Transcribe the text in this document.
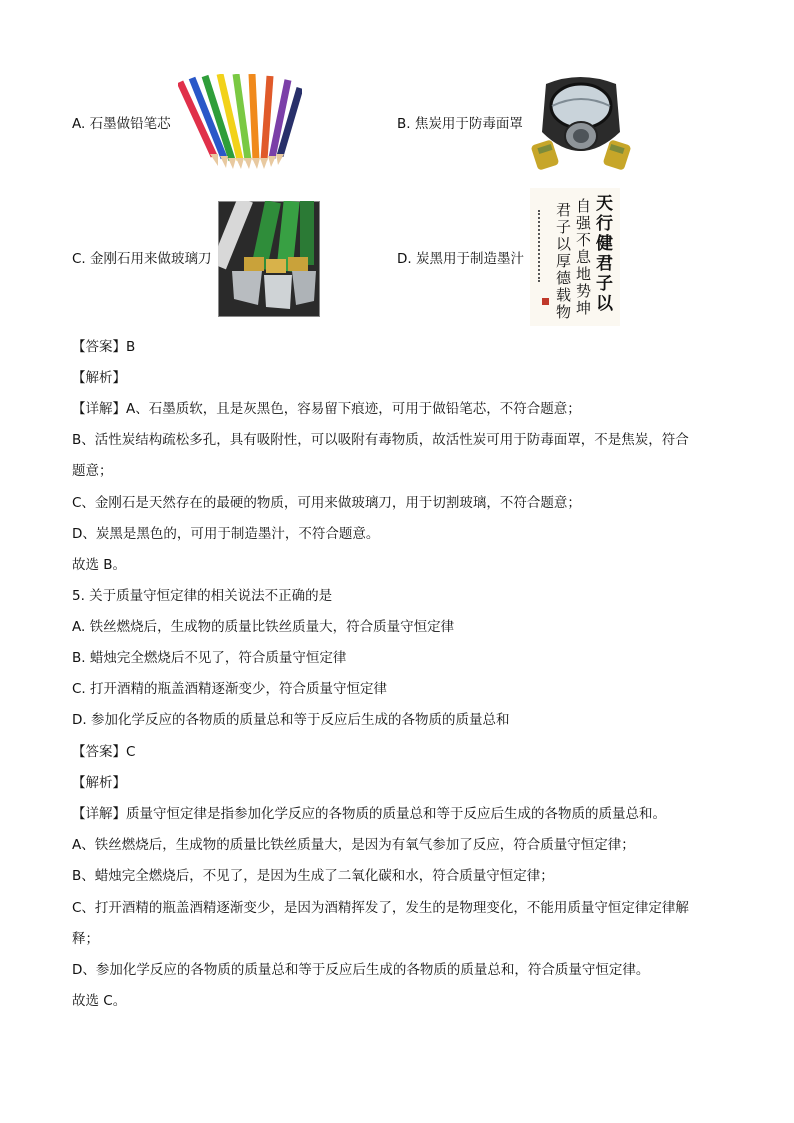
A. 石墨做铅笔芯	B. 焦炭用于防毒面罩
C. 金刚石用来做玻璃刀	D. 炭黑用于制造墨汁
天行健君子以
自强不息地势坤
君子以厚德载物
【答案】B
【解析】
【详解】A、石墨质软，且是灰黑色，容易留下痕迹，可用于做铅笔芯，不符合题意；
B、活性炭结构疏松多孔，具有吸附性，可以吸附有毒物质，故活性炭可用于防毒面罩，不是焦炭，符合
题意；
C、金刚石是天然存在的最硬的物质，可用来做玻璃刀，用于切割玻璃，不符合题意；
D、炭黑是黑色的，可用于制造墨汁，不符合题意。
故选 B。
5. 关于质量守恒定律的相关说法不正确的是
A. 铁丝燃烧后，生成物的质量比铁丝质量大，符合质量守恒定律
B. 蜡烛完全燃烧后不见了，符合质量守恒定律
C. 打开酒精的瓶盖酒精逐渐变少，符合质量守恒定律
D. 参加化学反应的各物质的质量总和等于反应后生成的各物质的质量总和
【答案】C
【解析】
【详解】质量守恒定律是指参加化学反应的各物质的质量总和等于反应后生成的各物质的质量总和。
A、铁丝燃烧后，生成物的质量比铁丝质量大，是因为有氧气参加了反应，符合质量守恒定律；
B、蜡烛完全燃烧后，不见了，是因为生成了二氧化碳和水，符合质量守恒定律；
C、打开酒精的瓶盖酒精逐渐变少，是因为酒精挥发了，发生的是物理变化，不能用质量守恒定律定律解
释；
D、参加化学反应的各物质的质量总和等于反应后生成的各物质的质量总和，符合质量守恒定律。
故选 C。
